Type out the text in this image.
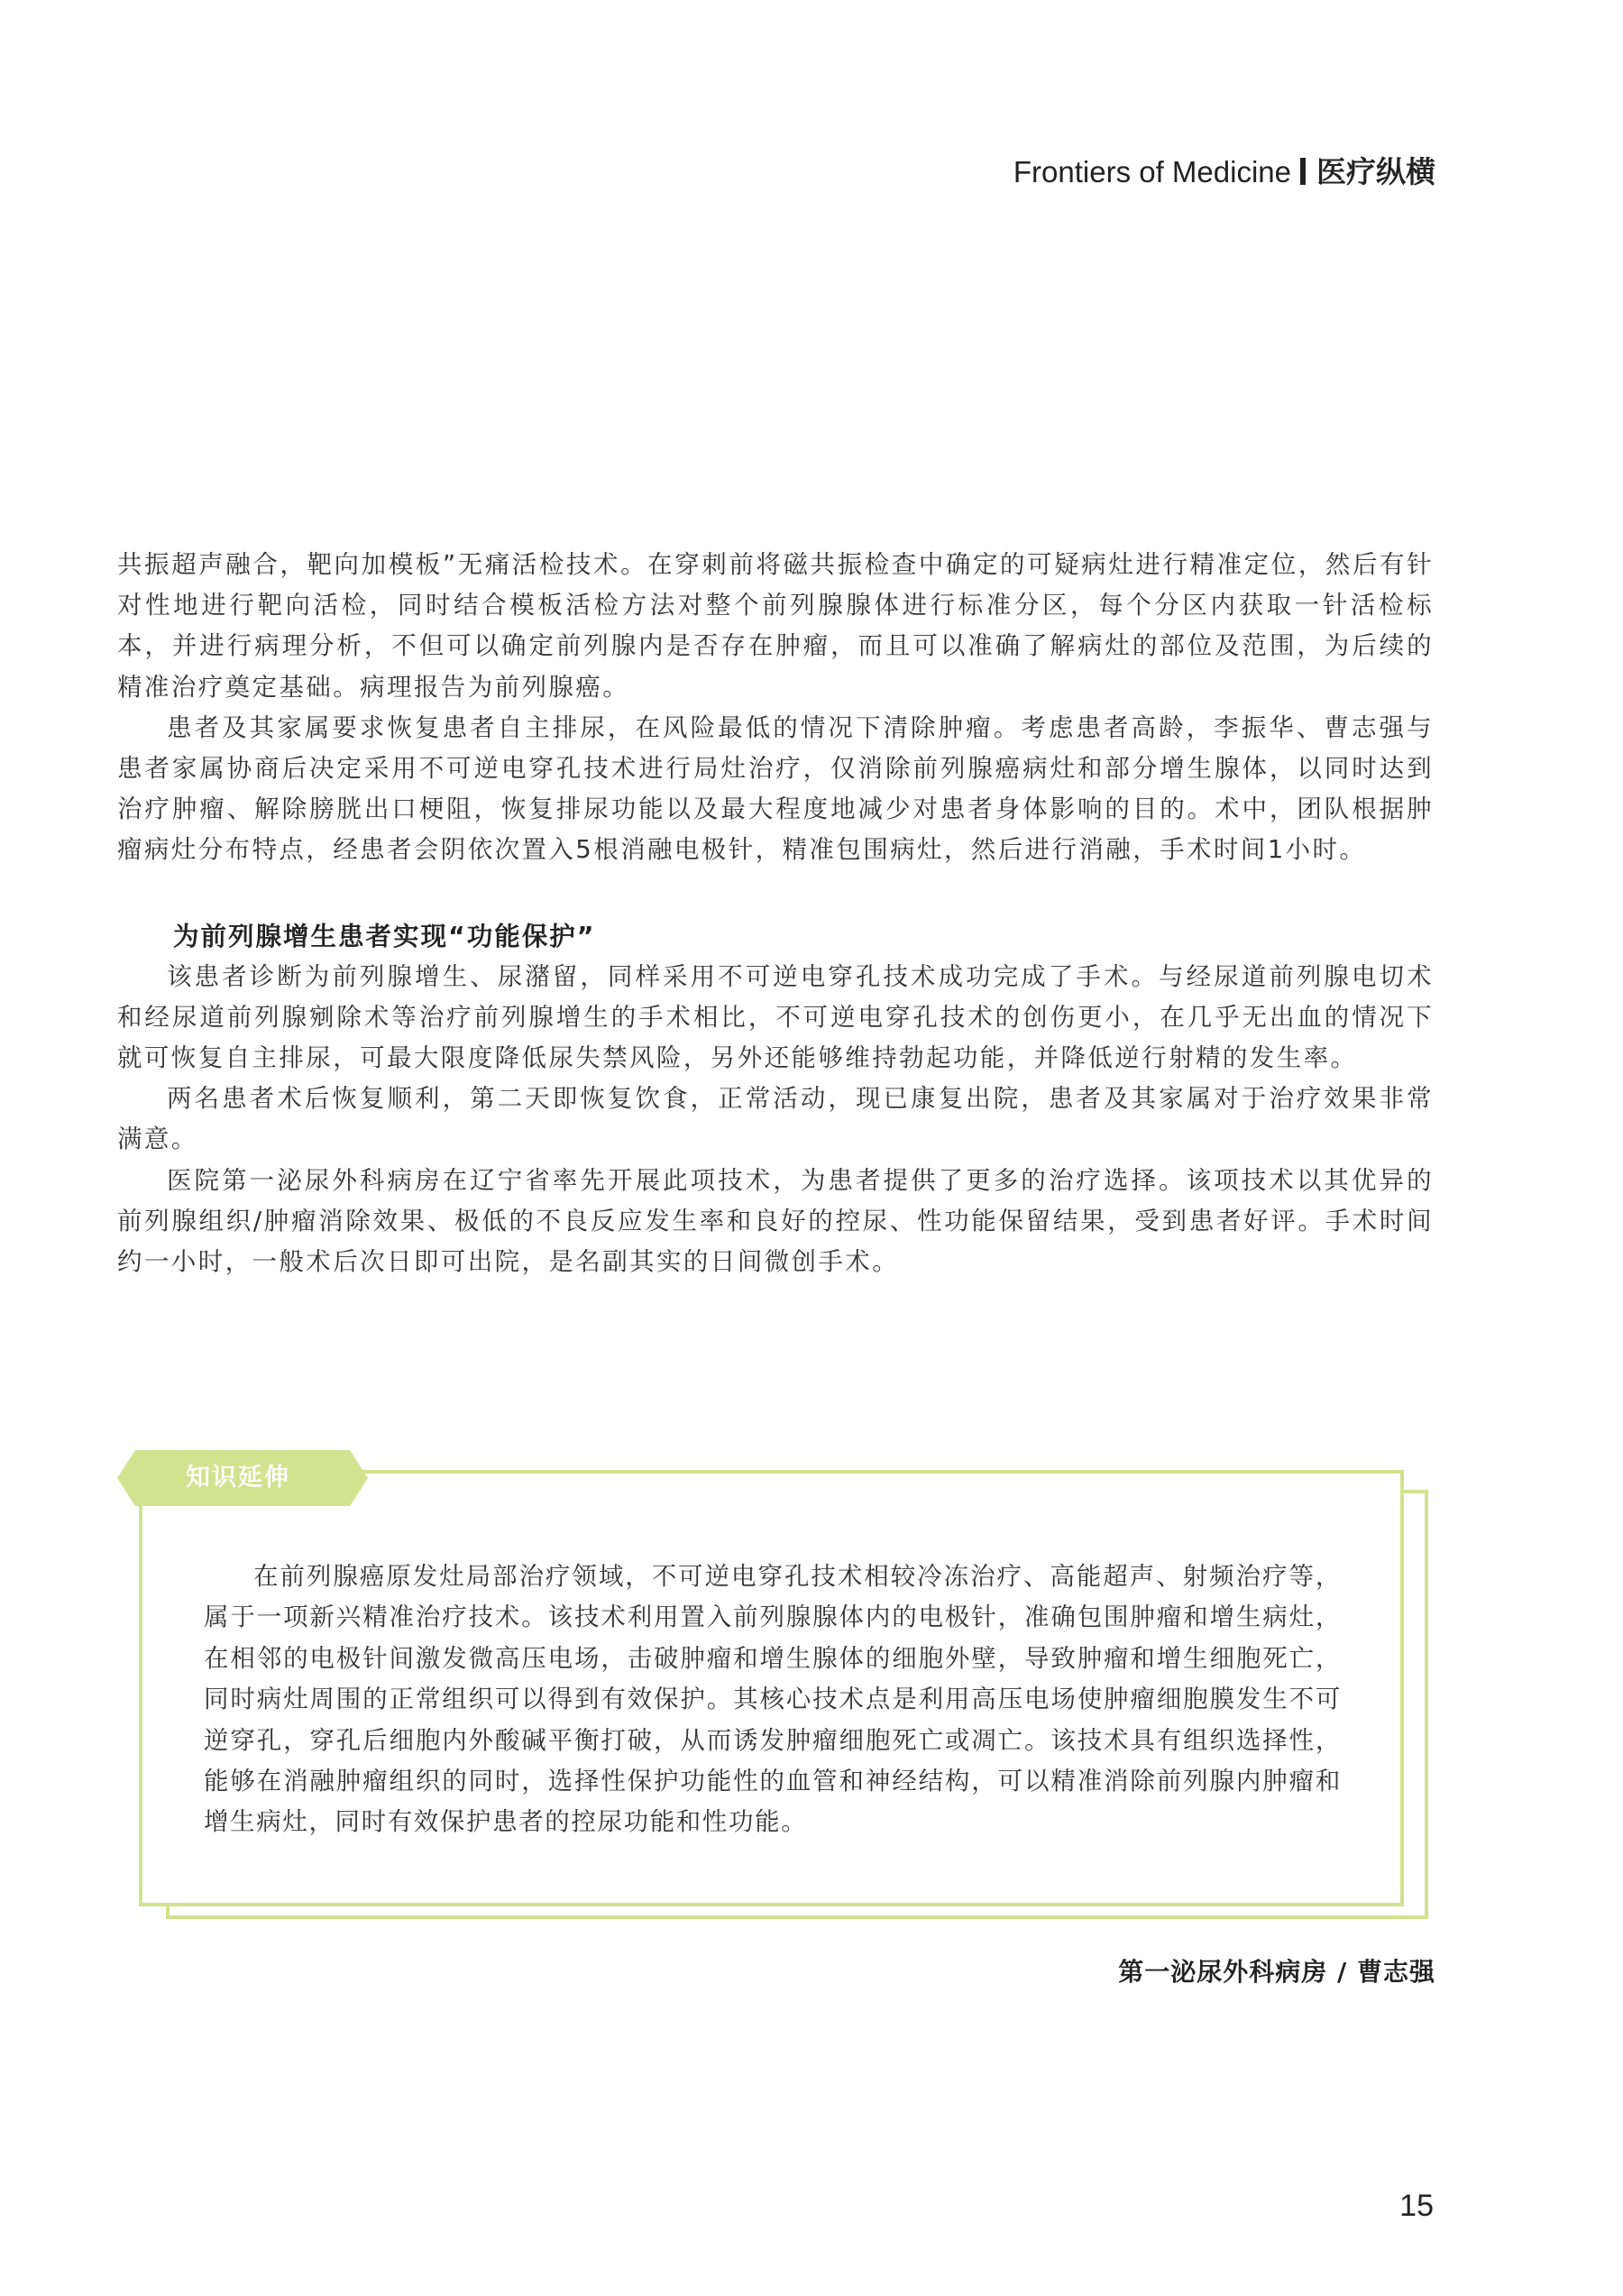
Frontiers of Medicine 医疗纵横

共振超声融合，靶向加模板”无痛活检技术。在穿刺前将磁共振检查中确定的可疑病灶进行精准定位，然后有针对性地进行靶向活检，同时结合模板活检方法对整个前列腺腺体进行标准分区，每个分区内获取一针活检标本，并进行病理分析，不但可以确定前列腺内是否存在肿瘤，而且可以准确了解病灶的部位及范围，为后续的精准治疗奠定基础。病理报告为前列腺癌。

患者及其家属要求恢复患者自主排尿，在风险最低的情况下清除肿瘤。考虑患者高龄，李振华、曹志强与患者家属协商后决定采用不可逆电穿孔技术进行局灶治疗，仅消除前列腺癌病灶和部分增生腺体，以同时达到治疗肿瘤、解除膀胱出口梗阻，恢复排尿功能以及最大程度地减少对患者身体影响的目的。术中，团队根据肿瘤病灶分布特点，经患者会阴依次置入5根消融电极针，精准包围病灶，然后进行消融，手术时间1小时。

为前列腺增生患者实现“功能保护”

该患者诊断为前列腺增生、尿潴留，同样采用不可逆电穿孔技术成功完成了手术。与经尿道前列腺电切术和经尿道前列腺剜除术等治疗前列腺增生的手术相比，不可逆电穿孔技术的创伤更小，在几乎无出血的情况下就可恢复自主排尿，可最大限度降低尿失禁风险，另外还能够维持勃起功能，并降低逆行射精的发生率。

两名患者术后恢复顺利，第二天即恢复饮食，正常活动，现已康复出院，患者及其家属对于治疗效果非常满意。

医院第一泌尿外科病房在辽宁省率先开展此项技术，为患者提供了更多的治疗选择。该项技术以其优异的前列腺组织/肿瘤消除效果、极低的不良反应发生率和良好的控尿、性功能保留结果，受到患者好评。手术时间约一小时，一般术后次日即可出院，是名副其实的日间微创手术。

知识延伸

在前列腺癌原发灶局部治疗领域，不可逆电穿孔技术相较冷冻治疗、高能超声、射频治疗等，属于一项新兴精准治疗技术。该技术利用置入前列腺腺体内的电极针，准确包围肿瘤和增生病灶，在相邻的电极针间激发微高压电场，击破肿瘤和增生腺体的细胞外壁，导致肿瘤和增生细胞死亡，同时病灶周围的正常组织可以得到有效保护。其核心技术点是利用高压电场使肿瘤细胞膜发生不可逆穿孔，穿孔后细胞内外酸碱平衡打破，从而诱发肿瘤细胞死亡或凋亡。该技术具有组织选择性，能够在消融肿瘤组织的同时，选择性保护功能性的血管和神经结构，可以精准消除前列腺内肿瘤和增生病灶，同时有效保护患者的控尿功能和性功能。

第一泌尿外科病房 / 曹志强
15
